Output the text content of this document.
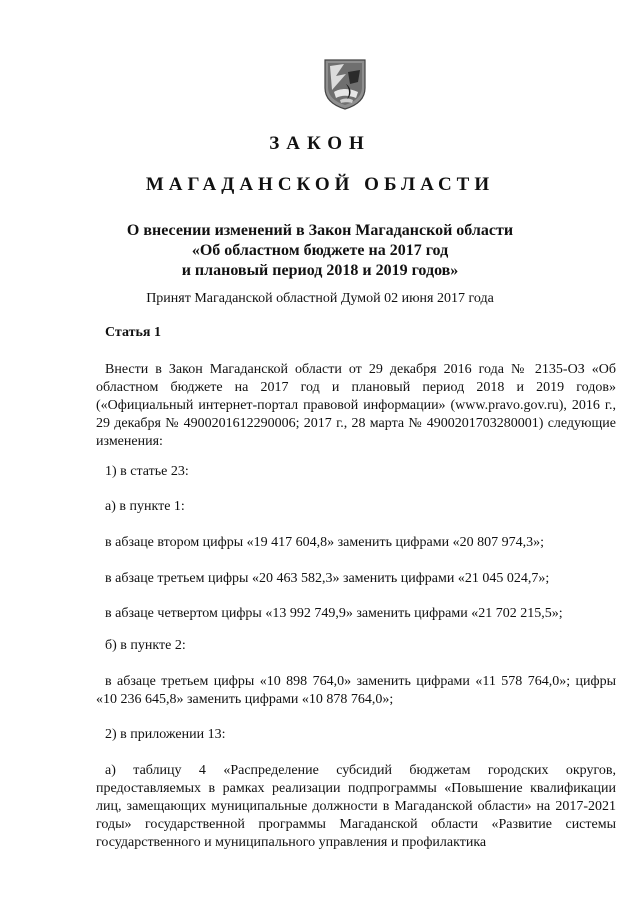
ЗАКОН
МАГАДАНСКОЙ ОБЛАСТИ
О внесении изменений в Закон Магаданской области
«Об областном бюджете на 2017 год
и плановый период 2018 и 2019 годов»
Принят Магаданской областной Думой 02 июня 2017 года
Статья 1
Внести в Закон Магаданской области от 29 декабря 2016 года № 2135-ОЗ «Об областном бюджете на 2017 год и плановый период 2018 и 2019 годов» («Официальный интернет-портал правовой информации» (www.pravo.gov.ru), 2016 г., 29 декабря № 4900201612290006; 2017 г., 28 марта № 4900201703280001) следующие изменения:
1) в статье 23:
а) в пункте 1:
в абзаце втором цифры «19 417 604,8» заменить цифрами «20 807 974,3»;
в абзаце третьем цифры «20 463 582,3» заменить цифрами «21 045 024,7»;
в абзаце четвертом цифры «13 992 749,9» заменить цифрами «21 702 215,5»;
б) в пункте 2:
в абзаце третьем цифры «10 898 764,0» заменить цифрами «11 578 764,0»; цифры «10 236 645,8» заменить цифрами «10 878 764,0»;
2) в приложении 13:
а) таблицу 4 «Распределение субсидий бюджетам городских округов, предоставляемых в рамках реализации подпрограммы «Повышение квалификации лиц, замещающих муниципальные должности в Магаданской области» на 2017-2021 годы» государственной программы Магаданской области «Развитие системы государственного и муниципального управления и профилактика
